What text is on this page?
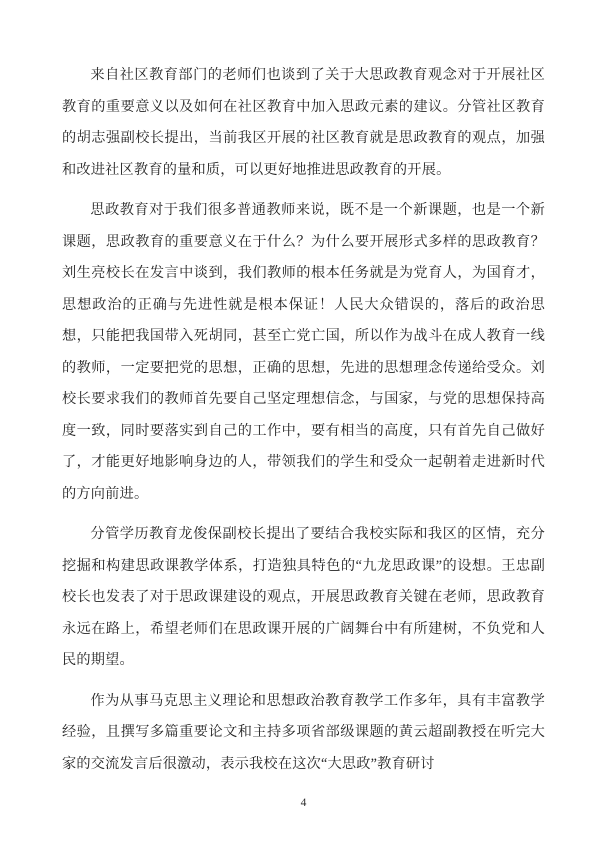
来自社区教育部门的老师们也谈到了关于大思政教育观念对于开展社区教育的重要意义以及如何在社区教育中加入思政元素的建议。分管社区教育的胡志强副校长提出，当前我区开展的社区教育就是思政教育的观点，加强和改进社区教育的量和质，可以更好地推进思政教育的开展。

思政教育对于我们很多普通教师来说，既不是一个新课题，也是一个新课题，思政教育的重要意义在于什么？为什么要开展形式多样的思政教育？刘生亮校长在发言中谈到，我们教师的根本任务就是为党育人，为国育才，思想政治的正确与先进性就是根本保证！人民大众错误的，落后的政治思想，只能把我国带入死胡同，甚至亡党亡国，所以作为战斗在成人教育一线的教师，一定要把党的思想，正确的思想，先进的思想理念传递给受众。刘校长要求我们的教师首先要自己坚定理想信念，与国家，与党的思想保持高度一致，同时要落实到自己的工作中，要有相当的高度，只有首先自己做好了，才能更好地影响身边的人，带领我们的学生和受众一起朝着走进新时代的方向前进。

分管学历教育龙俊保副校长提出了要结合我校实际和我区的区情，充分挖掘和构建思政课教学体系，打造独具特色的“九龙思政课”的设想。王忠副校长也发表了对于思政课建设的观点，开展思政教育关键在老师，思政教育永远在路上，希望老师们在思政课开展的广阔舞台中有所建树，不负党和人民的期望。

作为从事马克思主义理论和思想政治教育教学工作多年，具有丰富教学经验，且撰写多篇重要论文和主持多项省部级课题的黄云超副教授在听完大家的交流发言后很激动，表示我校在这次“大思政”教育研讨

4
